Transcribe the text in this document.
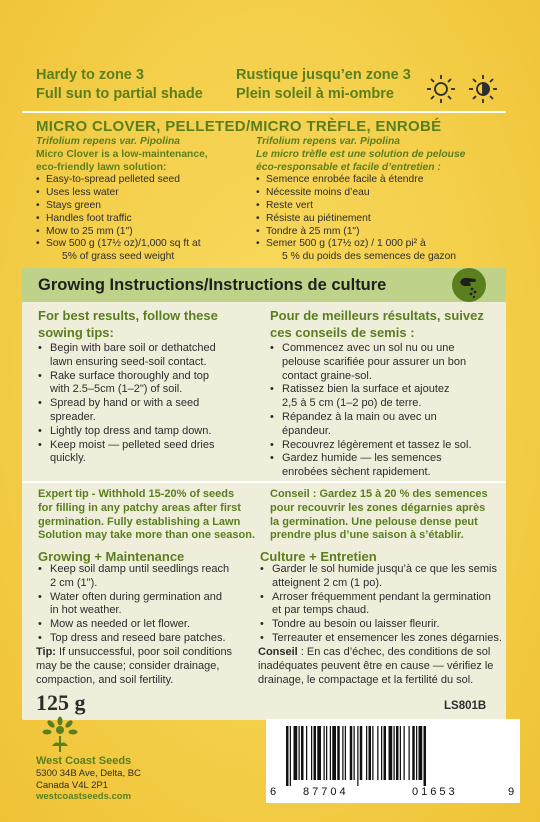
Hardy to zone 3
Full sun to partial shade
Rustique jusqu’en zone 3
Plein soleil à mi-ombre
MICRO CLOVER, PELLETED/MICRO TRÈFLE, ENROBÉ
Trifolium repens var. Pipolina
Micro Clover is a low-maintenance,
eco-friendly lawn solution:
• Easy-to-spread pelleted seed
• Uses less water
• Stays green
• Handles foot traffic
• Mow to 25 mm (1")
• Sow 500 g (17½ oz)/1,000 sq ft at
5% of grass seed weight
Trifolium repens var. Pipolina
Le micro trèfle est une solution de pelouse
éco-responsable et facile d’entretien :
• Semence enrobée facile à étendre
• Nécessite moins d’eau
• Reste vert
• Résiste au piétinement
• Tondre à 25 mm (1")
• Semer 500 g (17½ oz) / 1 000 pi² à
5 % du poids des semences de gazon
Growing Instructions/Instructions de culture
For best results, follow these
sowing tips:
• Begin with bare soil or dethatched
lawn ensuring seed-soil contact.
• Rake surface thoroughly and top
with 2.5–5cm (1–2") of soil.
• Spread by hand or with a seed
spreader.
• Lightly top dress and tamp down.
• Keep moist — pelleted seed dries
quickly.
Pour de meilleurs résultats, suivez
ces conseils de semis :
• Commencez avec un sol nu ou une
pelouse scarifiée pour assurer un bon
contact graine-sol.
• Ratissez bien la surface et ajoutez
2,5 à 5 cm (1–2 po) de terre.
• Répandez à la main ou avec un
épandeur.
• Recouvrez légèrement et tassez le sol.
• Gardez humide — les semences
enrobées sèchent rapidement.
Expert tip - Withhold 15-20% of seeds
for filling in any patchy areas after first
germination. Fully establishing a Lawn
Solution may take more than one season.
Conseil : Gardez 15 à 20 % des semences
pour recouvrir les zones dégarnies après
la germination. Une pelouse dense peut
prendre plus d’une saison à s’établir.
Growing + Maintenance
• Keep soil damp until seedlings reach
2 cm (1").
• Water often during germination and
in hot weather.
• Mow as needed or let flower.
• Top dress and reseed bare patches.
Culture + Entretien
• Garder le sol humide jusqu’à ce que les semis
atteignent 2 cm (1 po).
• Arroser fréquemment pendant la germination
et par temps chaud.
• Tondre au besoin ou laisser fleurir.
• Terreauter et ensemencer les zones dégarnies.
Tip: If unsuccessful, poor soil conditions
may be the cause; consider drainage,
compaction, and soil fertility.
Conseil : En cas d’échec, des conditions de sol
inadéquates peuvent être en cause — vérifiez le
drainage, le compactage et la fertilité du sol.
125 g	LS801B
West Coast Seeds
5300 34B Ave, Delta, BC
Canada V4L 2P1
westcoastseeds.com	6 87704	01653	9
